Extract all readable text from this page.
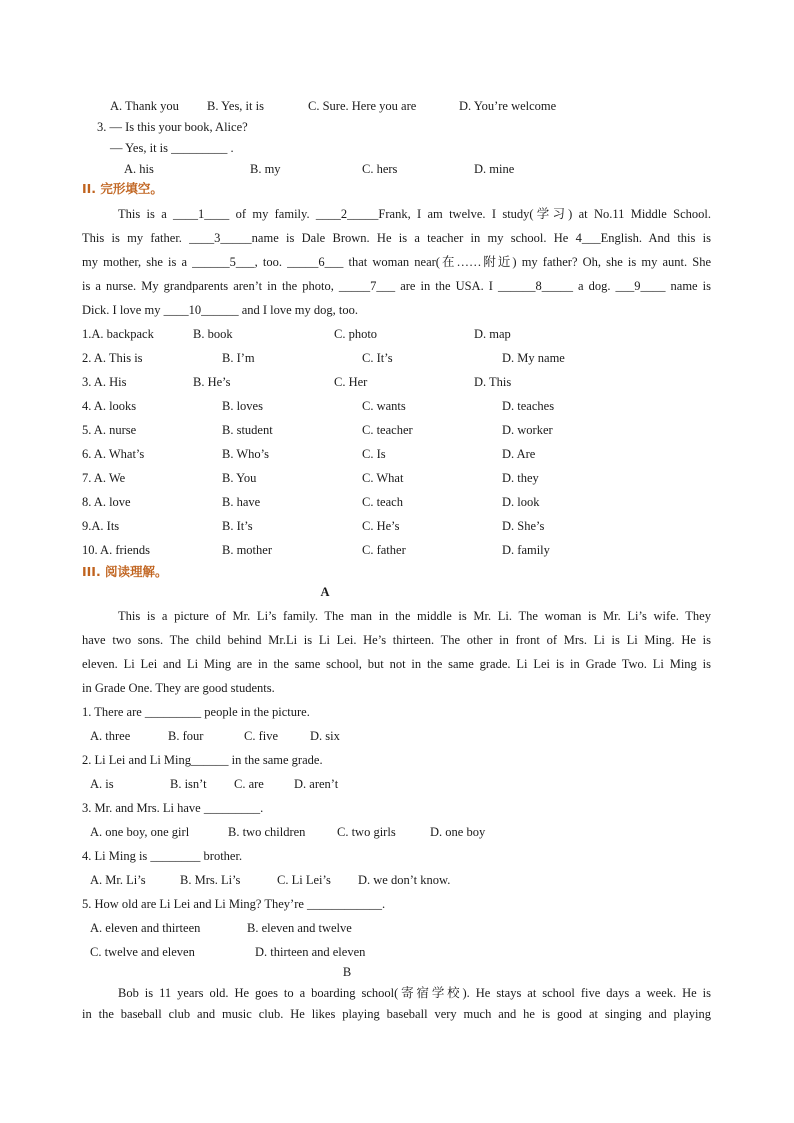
A. Thank you B. Yes, it is	C. Sure. Here you are	D. You’re welcome
3. — Is this your book, Alice?
— Yes, it is _________ .
A. his	B. my	C. hers	D. mine
II. 完形填空。
This is a ____1____ of my family. ____2_____Frank, I am twelve. I study(学习) at No.11 Middle School.
This is my father. ____3_____name is Dale Brown. He is a teacher in my school. He 4___English. And this is
my mother, she is a ______5___, too. _____6___ that woman near(在……附近) my father? Oh, she is my aunt. She
is a nurse. My grandparents aren’t in the photo, _____7___ are in the USA. I ______8_____ a dog. ___9____ name is
Dick. I love my ____10______ and I love my dog, too.
1.A. backpack	B. book	C. photo	D. map
2. A. This is	B. I’m	C. It’s	D. My name
3. A. His	B. He’s	C. Her	D. This
4. A. looks	B. loves	C. wants	D. teaches
5. A. nurse	B. student	C. teacher	D. worker
6. A. What’s	B. Who’s	C. Is	D. Are
7. A. We	B. You	C. What	D. they
8. A. love	B. have	C. teach	D. look
9.A. Its	B. It’s	C. He’s	D. She’s
10. A. friends	B. mother	C. father	D. family
III. 阅读理解。
A
This is a picture of Mr. Li’s family. The man in the middle is Mr. Li. The woman is Mr. Li’s wife. They
have two sons. The child behind Mr.Li is Li Lei. He’s thirteen. The other in front of Mrs. Li is Li Ming. He is
eleven. Li Lei and Li Ming are in the same school, but not in the same grade. Li Lei is in Grade Two. Li Ming is
in Grade One. They are good students.
1. There are _________ people in the picture.
A. three	B. four	C. five	D. six
2. Li Lei and Li Ming______ in the same grade.
A. is	B. isn’t C. are D. aren’t
3. Mr. and Mrs. Li have _________.
A. one boy, one girl	B. two children	C. two girls	D. one boy
4. Li Ming is ________ brother.
A. Mr. Li’s	B. Mrs. Li’s	C. Li Lei’s D. we don’t know.
5. How old are Li Lei and Li Ming? They’re ____________.
A. eleven and thirteen	B. eleven and twelve
C. twelve and eleven	D. thirteen and eleven
B
Bob is 11 years old. He goes to a boarding school(寄宿学校). He stays at school five days a week. He is
in the baseball club and music club. He likes playing baseball very much and he is good at singing and playing
